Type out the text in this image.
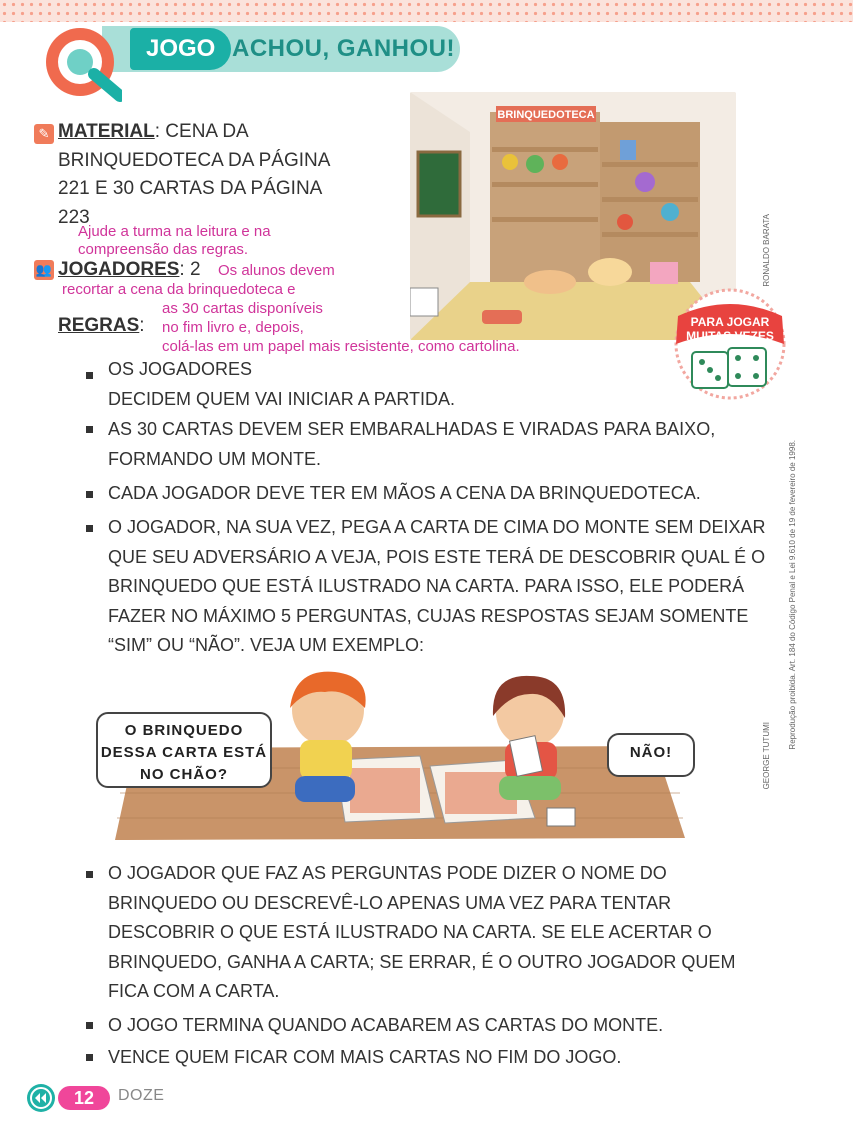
JOGO ACHOU, GANHOU!
BRINQUEDOTECA
RONALDO BARATA
Reprodução proibida. Art. 184 do Código Penal e Lei 9.610 de 19 de fevereiro de 1998.
GEORGE TUTUMI
✎ MATERIAL: CENA DA BRINQUEDOTECA DA PÁGINA 221 E 30 CARTAS DA PÁGINA 223
Ajude a turma na leitura e na
compreensão das regras.
👥 JOGADORES: 2 Os alunos devem
recortar a cena da brinquedoteca e
as 30 cartas disponíveis
no fim livro e, depois,
colá-las em um papel mais resistente, como cartolina.
REGRAS:	PARA JOGAR
MUITAS VEZES
OS JOGADORES
DECIDEM QUEM VAI INICIAR A PARTIDA.
AS 30 CARTAS DEVEM SER EMBARALHADAS E VIRADAS PARA BAIXO, FORMANDO UM MONTE.
CADA JOGADOR DEVE TER EM MÃOS A CENA DA BRINQUEDOTECA.
O JOGADOR, NA SUA VEZ, PEGA A CARTA DE CIMA DO MONTE SEM DEIXAR QUE SEU ADVERSÁRIO A VEJA, POIS ESTE TERÁ DE DESCOBRIR QUAL É O BRINQUEDO QUE ESTÁ ILUSTRADO NA CARTA. PARA ISSO, ELE PODERÁ FAZER NO MÁXIMO 5 PERGUNTAS, CUJAS RESPOSTAS SEJAM SOMENTE “SIM” OU “NÃO”. VEJA UM EXEMPLO:
O BRINQUEDO DESSA CARTA ESTÁ NO CHÃO?
NÃO!
O JOGADOR QUE FAZ AS PERGUNTAS PODE DIZER O NOME DO BRINQUEDO OU DESCREVÊ-LO APENAS UMA VEZ PARA TENTAR DESCOBRIR O QUE ESTÁ ILUSTRADO NA CARTA. SE ELE ACERTAR O BRINQUEDO, GANHA A CARTA; SE ERRAR, É O OUTRO JOGADOR QUEM FICA COM A CARTA.
O JOGO TERMINA QUANDO ACABAREM AS CARTAS DO MONTE.
VENCE QUEM FICAR COM MAIS CARTAS NO FIM DO JOGO.
12	DOZE
